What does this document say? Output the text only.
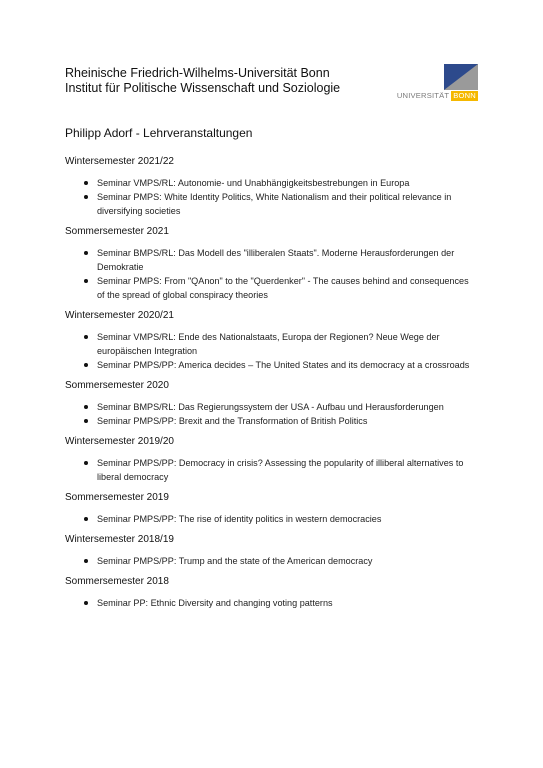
Rheinische Friedrich-Wilhelms-Universität Bonn
Institut für Politische Wissenschaft und Soziologie
UNIVERSITÄT BONN
Philipp Adorf - Lehrveranstaltungen
Wintersemester 2021/22
Seminar VMPS/RL: Autonomie- und Unabhängigkeitsbestrebungen in Europa
Seminar PMPS: White Identity Politics, White Nationalism and their political relevance in diversifying societies
Sommersemester 2021
Seminar BMPS/RL: Das Modell des "illiberalen Staats". Moderne Herausforderungen der Demokratie
Seminar PMPS: From "QAnon" to the "Querdenker" - The causes behind and consequences of the spread of global conspiracy theories
Wintersemester 2020/21
Seminar VMPS/RL: Ende des Nationalstaats, Europa der Regionen? Neue Wege der europäischen Integration
Seminar PMPS/PP: America decides – The United States and its democracy at a crossroads
Sommersemester 2020
Seminar BMPS/RL: Das Regierungssystem der USA - Aufbau und Herausforderungen
Seminar PMPS/PP: Brexit and the Transformation of British Politics
Wintersemester 2019/20
Seminar PMPS/PP: Democracy in crisis? Assessing the popularity of illiberal alternatives to liberal democracy
Sommersemester 2019
Seminar PMPS/PP: The rise of identity politics in western democracies
Wintersemester 2018/19
Seminar PMPS/PP: Trump and the state of the American democracy
Sommersemester 2018
Seminar PP: Ethnic Diversity and changing voting patterns
